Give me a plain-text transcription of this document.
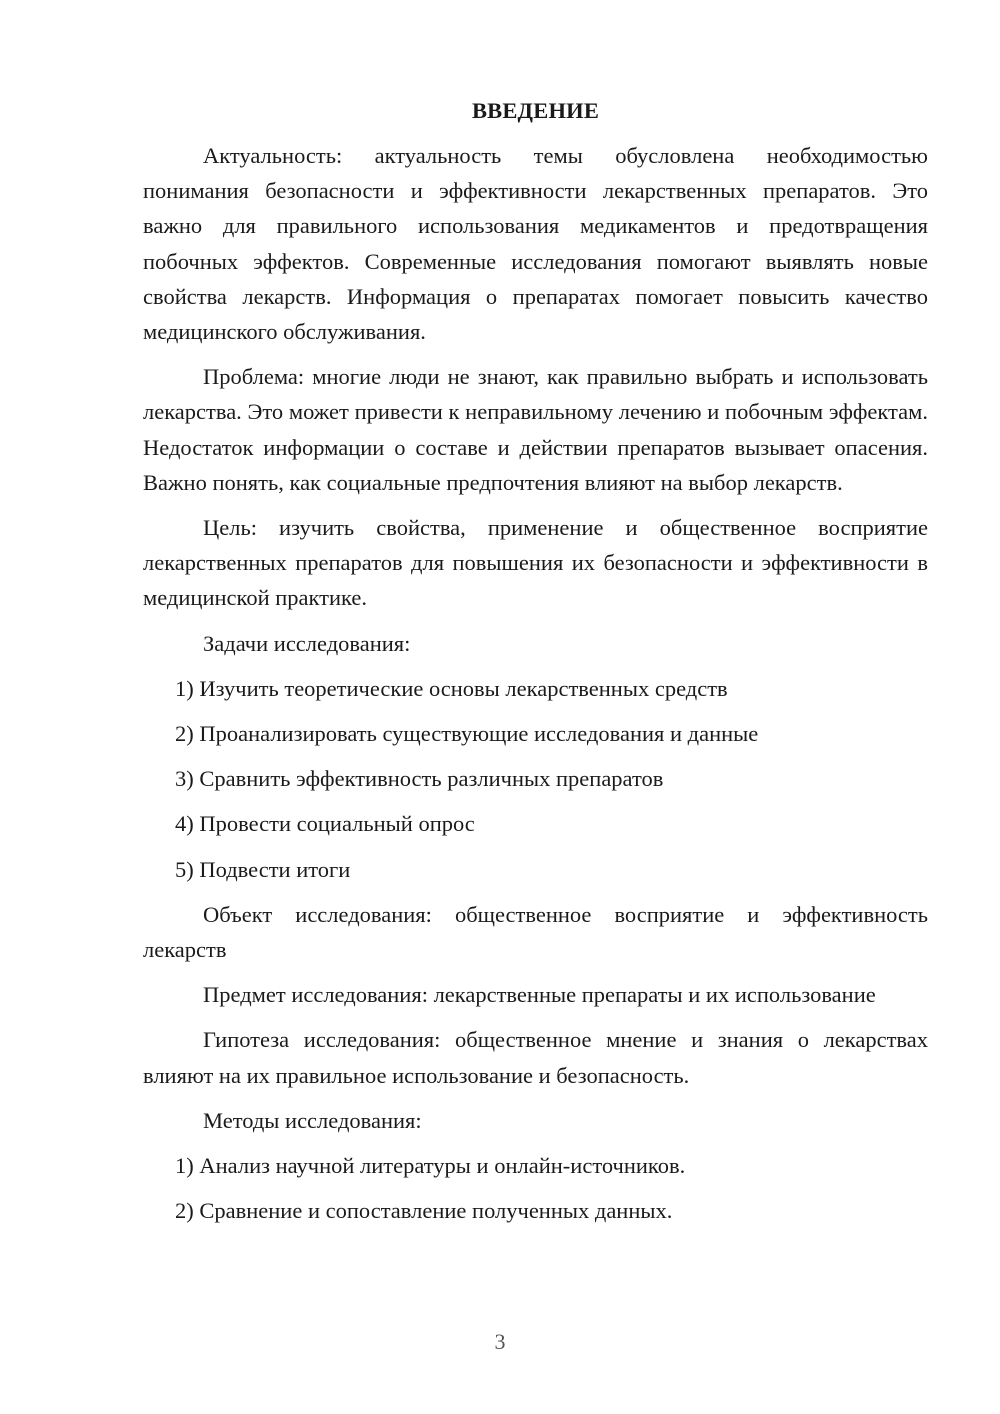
ВВЕДЕНИЕ

Актуальность: актуальность темы обусловлена необходимостью понимания безопасности и эффективности лекарственных препаратов. Это важно для правильного использования медикаментов и предотвращения побочных эффектов. Современные исследования помогают выявлять новые свойства лекарств. Информация о препаратах помогает повысить качество медицинского обслуживания.

Проблема: многие люди не знают, как правильно выбрать и использовать лекарства. Это может привести к неправильному лечению и побочным эффектам. Недостаток информации о составе и действии препаратов вызывает опасения. Важно понять, как социальные предпочтения влияют на выбор лекарств.

Цель: изучить свойства, применение и общественное восприятие лекарственных препаратов для повышения их безопасности и эффективности в медицинской практике.

Задачи исследования:

1) Изучить теоретические основы лекарственных средств

2) Проанализировать существующие исследования и данные

3) Сравнить эффективность различных препаратов

4) Провести социальный опрос

5) Подвести итоги

Объект исследования: общественное восприятие и эффективность лекарств

Предмет исследования: лекарственные препараты и их использование

Гипотеза исследования: общественное мнение и знания о лекарствах влияют на их правильное использование и безопасность.

Методы исследования:

1) Анализ научной литературы и онлайн-источников.

2) Сравнение и сопоставление полученных данных.

3
